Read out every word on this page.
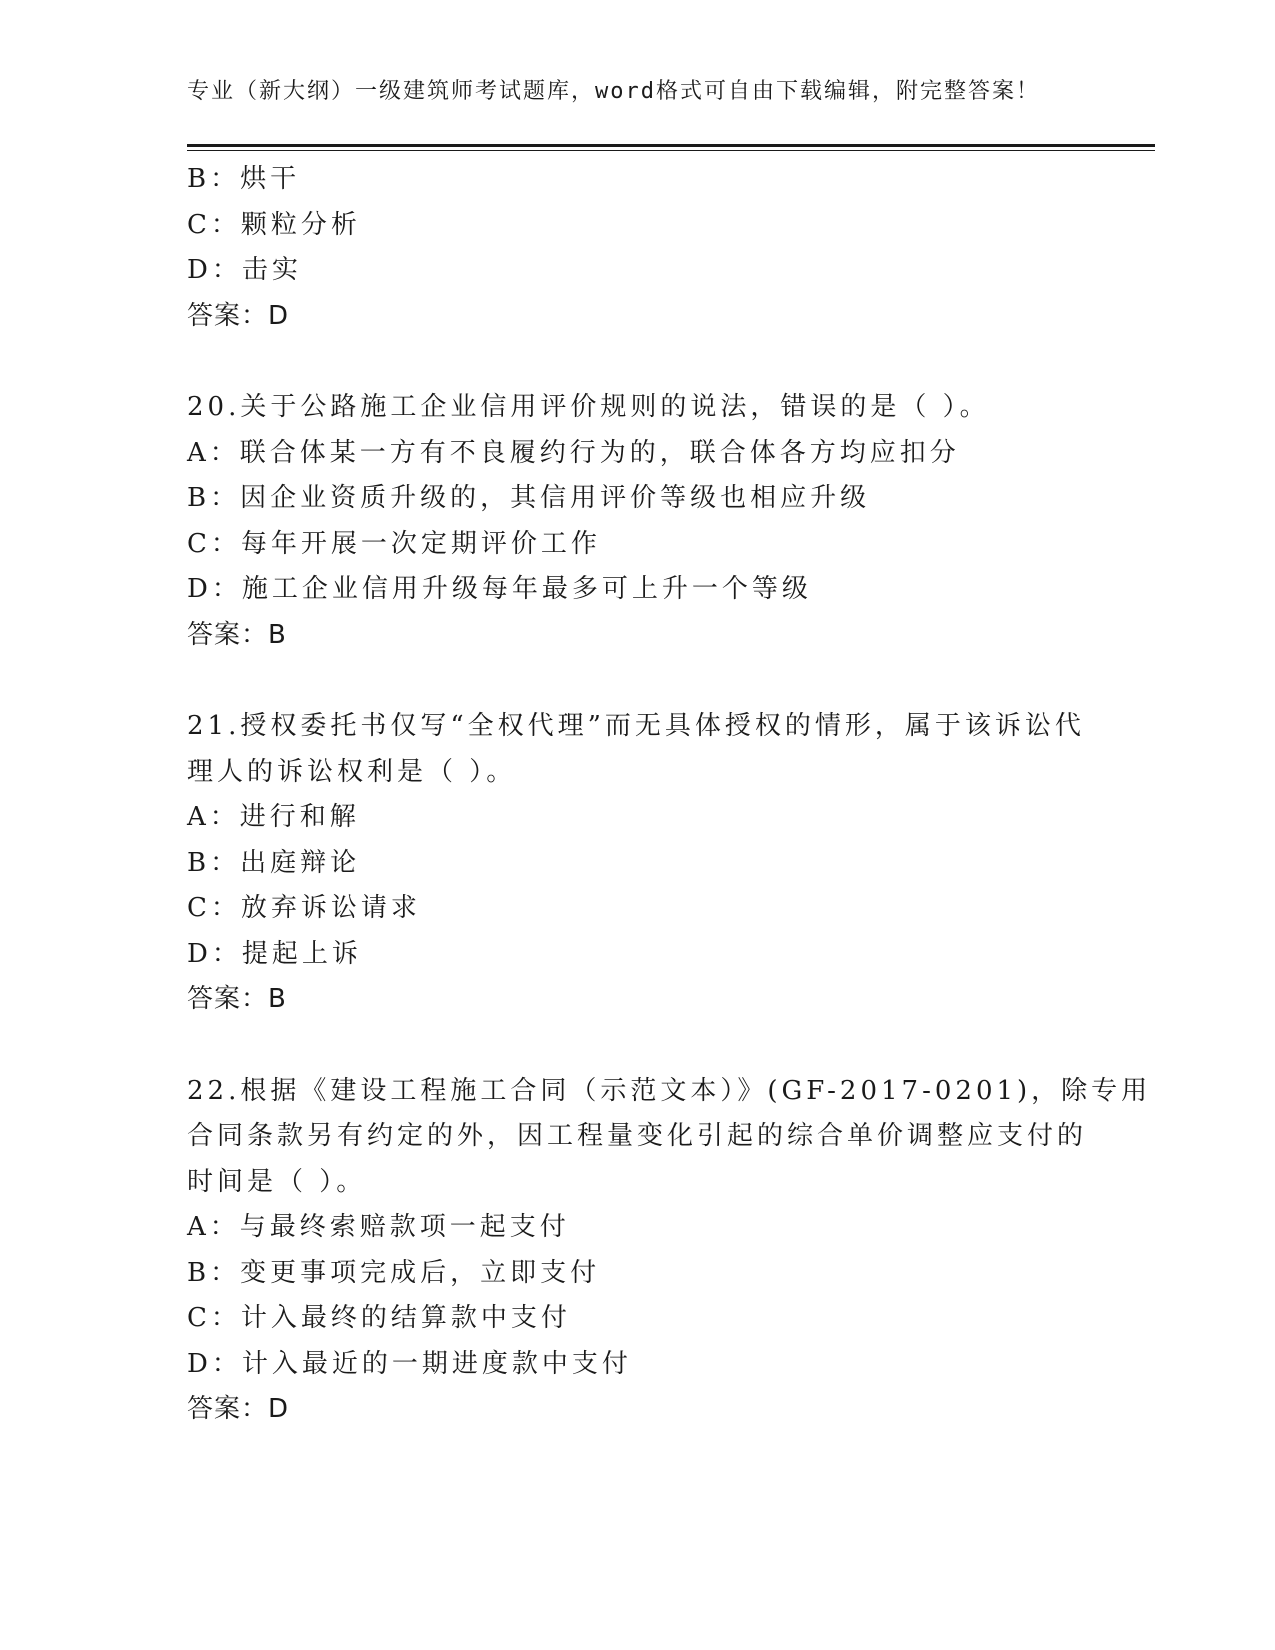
专业（新大纲）一级建筑师考试题库，word格式可自由下载编辑，附完整答案！
B：烘干
C：颗粒分析
D：击实
答案：D
20.关于公路施工企业信用评价规则的说法，错误的是（ ）。
A：联合体某一方有不良履约行为的，联合体各方均应扣分
B：因企业资质升级的，其信用评价等级也相应升级
C：每年开展一次定期评价工作
D：施工企业信用升级每年最多可上升一个等级
答案：B
21.授权委托书仅写“全权代理”而无具体授权的情形，属于该诉讼代
理人的诉讼权利是（ ）。
A：进行和解
B：出庭辩论
C：放弃诉讼请求
D：提起上诉
答案：B
22.根据《建设工程施工合同（示范文本）》(GF-2017-0201)，除专用
合同条款另有约定的外，因工程量变化引起的综合单价调整应支付的
时间是（ ）。
A：与最终索赔款项一起支付
B：变更事项完成后，立即支付
C：计入最终的结算款中支付
D：计入最近的一期进度款中支付
答案：D
